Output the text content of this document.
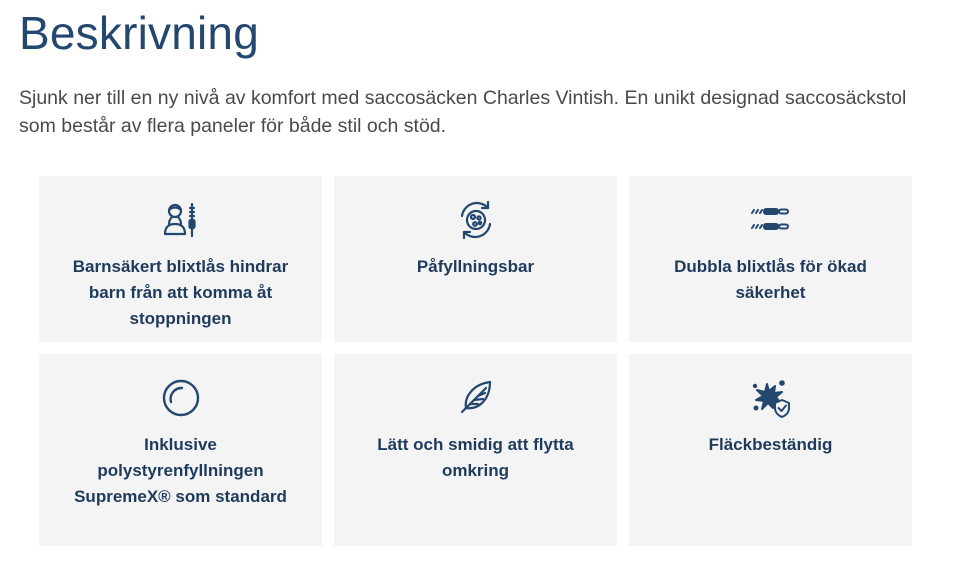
Beskrivning

Sjunk ner till en ny nivå av komfort med saccosäcken Charles Vintish. En unikt designad saccosäckstol som består av flera paneler för både stil och stöd.

Barnsäkert blixtlås hindrar barn från att komma åt stoppningen
Påfyllningsbar	Dubbla blixtlås för ökad säkerhet
Inklusive polystyrenfyllningen SupremeX® som standard
Lätt och smidig att flytta omkring
Fläckbeständig
